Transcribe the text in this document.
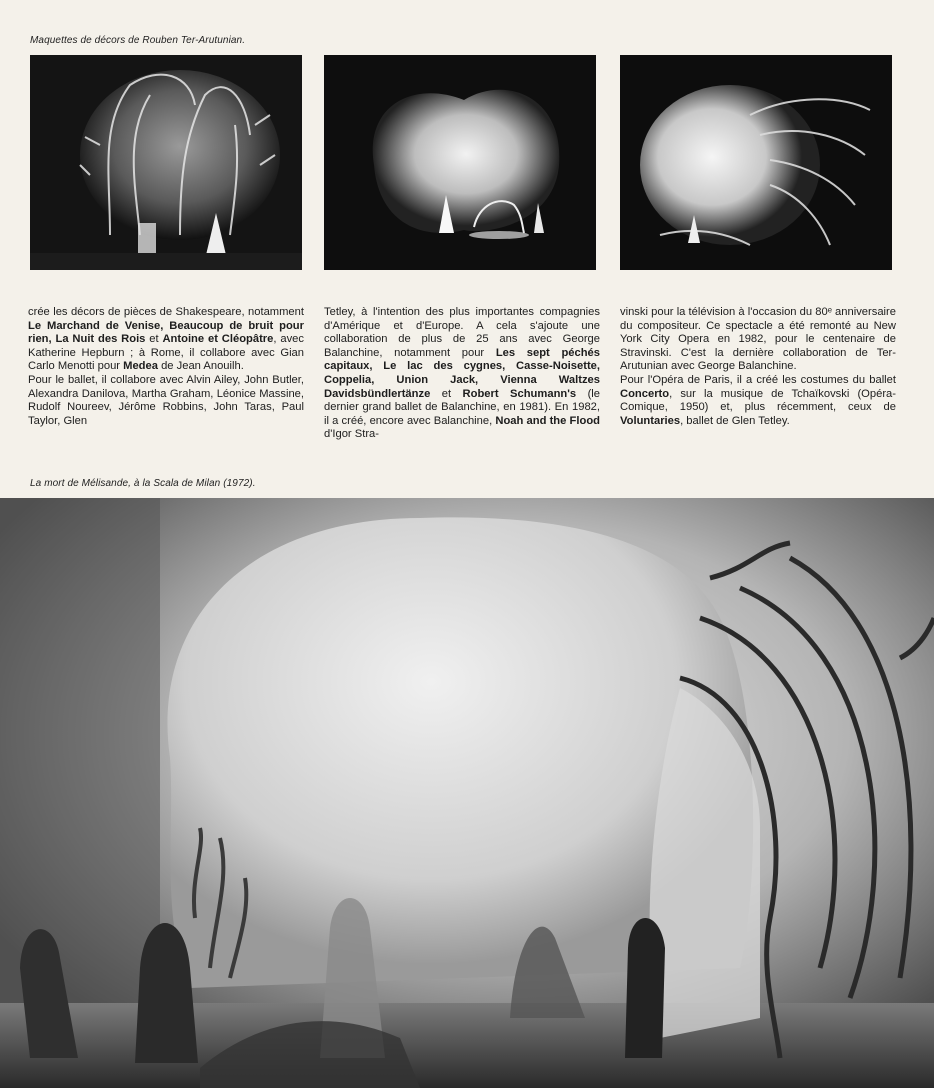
Maquettes de décors de Rouben Ter-Arutunian.
crée les décors de pièces de Shakespeare, notamment Le Marchand de Venise, Beaucoup de bruit pour rien, La Nuit des Rois et Antoine et Cléopâtre, avec Katherine Hepburn ; à Rome, il collabore avec Gian Carlo Menotti pour Medea de Jean Anouilh.
Pour le ballet, il collabore avec Alvin Ailey, John Butler, Alexandra Danilova, Martha Graham, Léonice Massine, Rudolf Noureev, Jérôme Robbins, John Taras, Paul Taylor, Glen
Tetley, à l'intention des plus importantes compagnies d'Amérique et d'Europe. A cela s'ajoute une collaboration de plus de 25 ans avec George Balanchine, notamment pour Les sept péchés capitaux, Le lac des cygnes, Casse-Noisette, Coppelia, Union Jack, Vienna Waltzes Davidsbündlertänze et Robert Schumann's (le dernier grand ballet de Balanchine, en 1981). En 1982, il a créé, encore avec Balanchine, Noah and the Flood d'Igor Stra-
vinski pour la télévision à l'occasion du 80ᵉ anniversaire du compositeur. Ce spectacle a été remonté au New York City Opera en 1982, pour le centenaire de Stravinski. C'est la dernière collaboration de Ter-Arutunian avec George Balanchine.
Pour l'Opéra de Paris, il a créé les costumes du ballet Concerto, sur la musique de Tchaïkovski (Opéra-Comique, 1950) et, plus récemment, ceux de Voluntaries, ballet de Glen Tetley.
La mort de Mélisande, à la Scala de Milan (1972).
